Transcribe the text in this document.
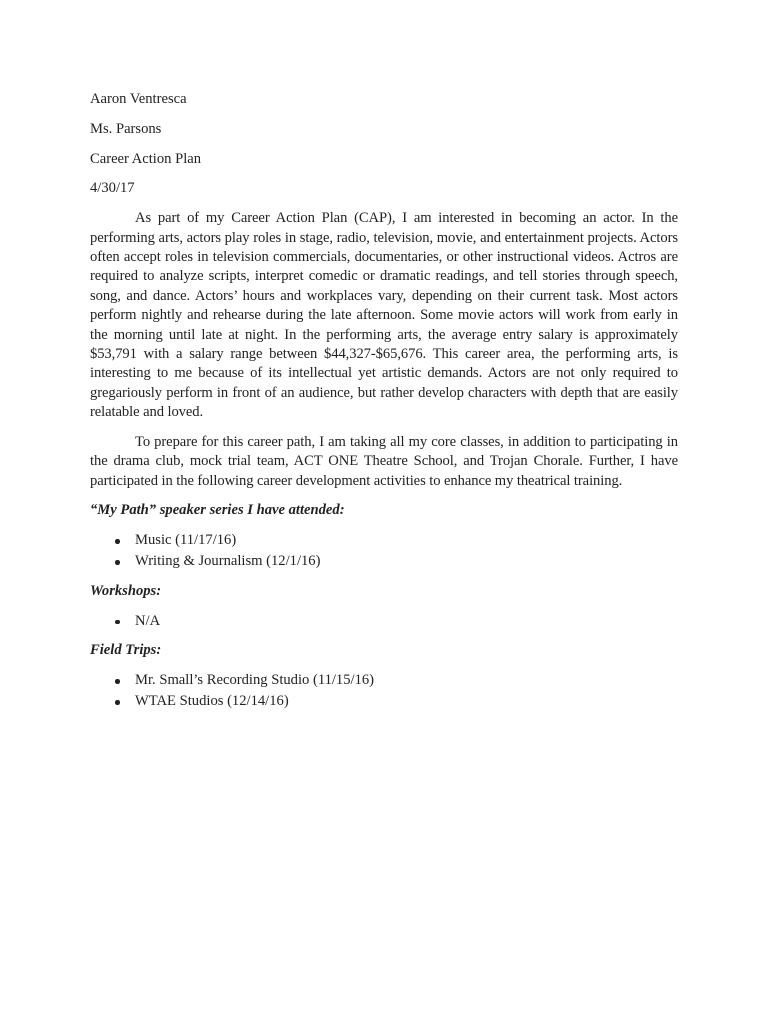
Aaron Ventresca
Ms. Parsons
Career Action Plan
4/30/17

As part of my Career Action Plan (CAP), I am interested in becoming an actor. In the performing arts, actors play roles in stage, radio, television, movie, and entertainment projects. Actors often accept roles in television commercials, documentaries, or other instructional videos. Actros are required to analyze scripts, interpret comedic or dramatic readings, and tell stories through speech, song, and dance. Actors’ hours and workplaces vary, depending on their current task. Most actors perform nightly and rehearse during the late afternoon. Some movie actors will work from early in the morning until late at night. In the performing arts, the average entry salary is approximately $53,791 with a salary range between $44,327-$65,676. This career area, the performing arts, is interesting to me because of its intellectual yet artistic demands. Actors are not only required to gregariously perform in front of an audience, but rather develop characters with depth that are easily relatable and loved.

To prepare for this career path, I am taking all my core classes, in addition to participating in the drama club, mock trial team, ACT ONE Theatre School, and Trojan Chorale. Further, I have participated in the following career development activities to enhance my theatrical training.

“My Path” speaker series I have attended:
Music (11/17/16)
Writing & Journalism (12/1/16)
Workshops:
N/A
Field Trips:
Mr. Small’s Recording Studio (11/15/16)
WTAE Studios (12/14/16)
